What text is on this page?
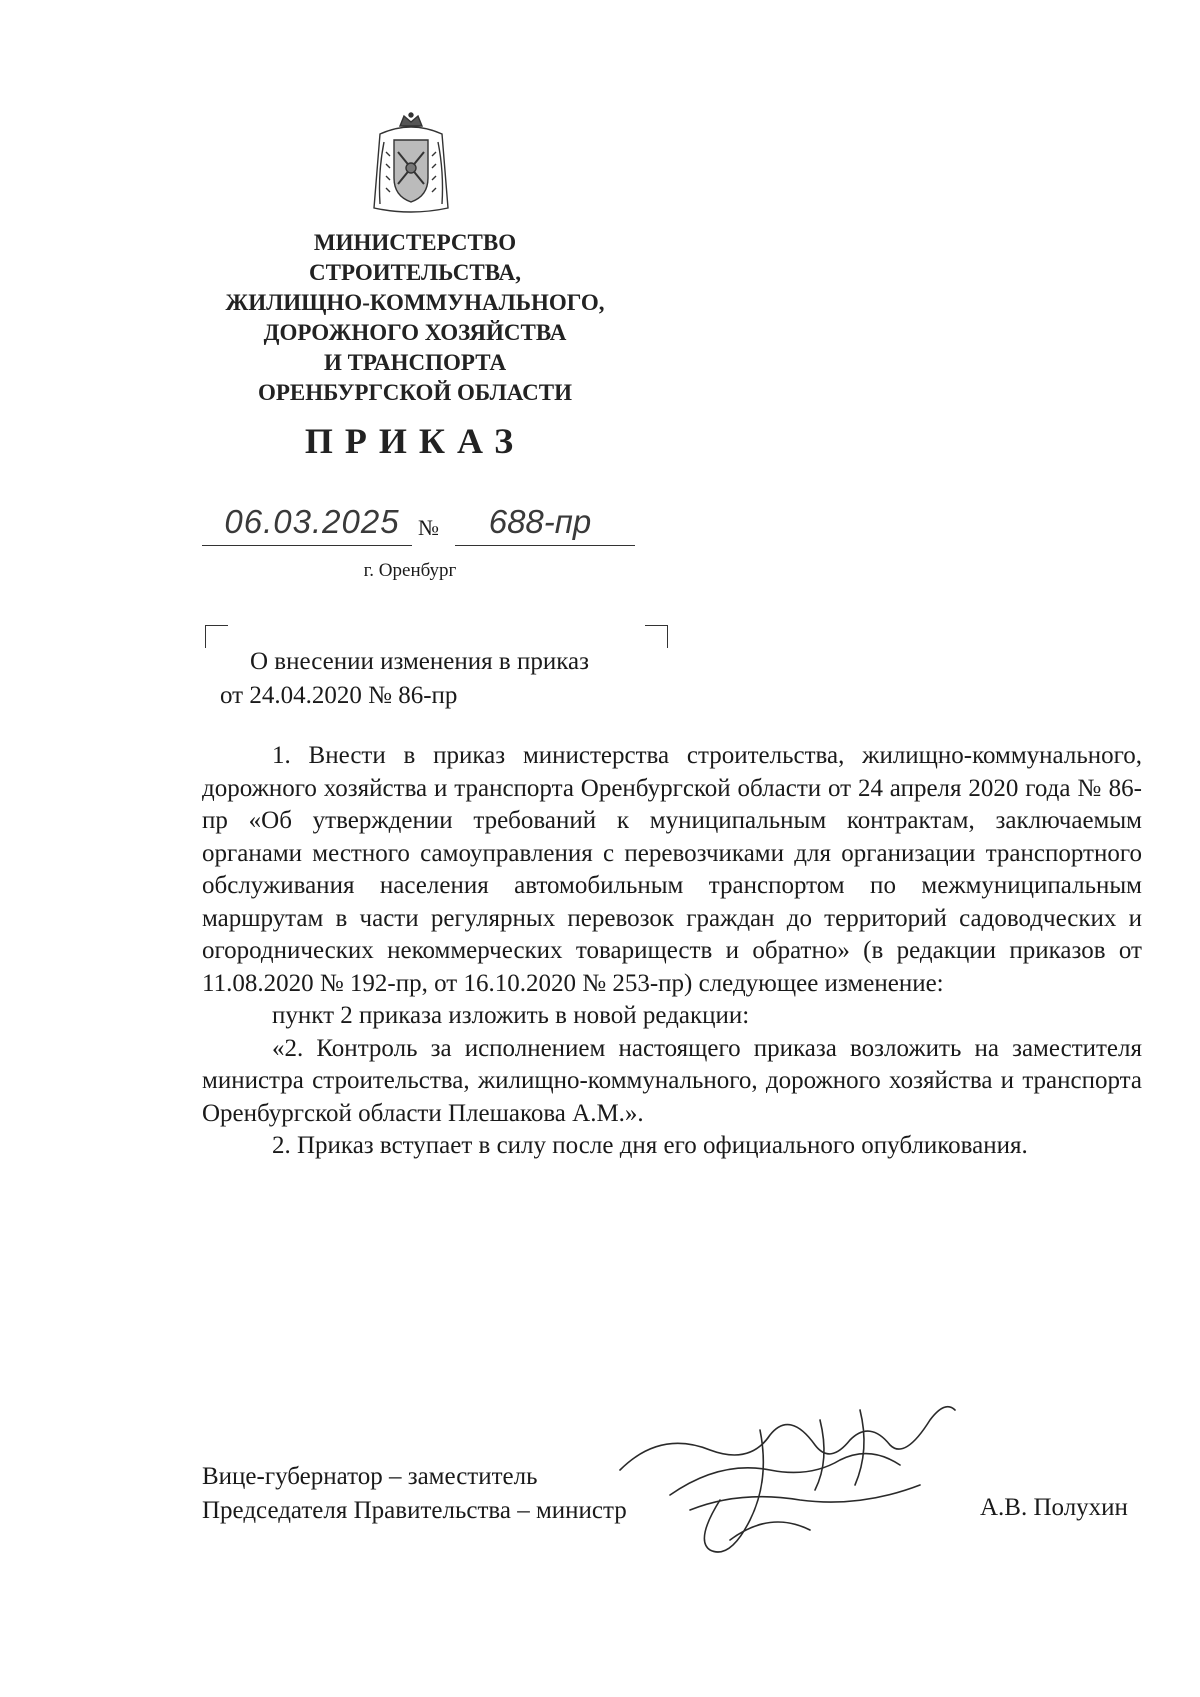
МИНИСТЕРСТВО
СТРОИТЕЛЬСТВА,
ЖИЛИЩНО-КОММУНАЛЬНОГО,
ДОРОЖНОГО ХОЗЯЙСТВА
И ТРАНСПОРТА
ОРЕНБУРГСКОЙ ОБЛАСТИ
ПРИКАЗ
06.03.2025 №	688-пр
г. Оренбург
О внесении изменения в приказ
от 24.04.2020 № 86-пр

1. Внести в приказ министерства строительства, жилищно-коммунального, дорожного хозяйства и транспорта Оренбургской области от 24 апреля 2020 года № 86-пр «Об утверждении требований к муниципальным контрактам, заключаемым органами местного самоуправления с перевозчиками для организации транспортного обслуживания населения автомобильным транспортом по межмуниципальным маршрутам в части регулярных перевозок граждан до территорий садоводческих и огороднических некоммерческих товариществ и обратно» (в редакции приказов от 11.08.2020 № 192-пр, от 16.10.2020 № 253-пр) следующее изменение:

пункт 2 приказа изложить в новой редакции:

«2. Контроль за исполнением настоящего приказа возложить на заместителя министра строительства, жилищно-коммунального, дорожного хозяйства и транспорта Оренбургской области Плешакова А.М.».

2. Приказ вступает в силу после дня его официального опубликования.

Вице-губернатор – заместитель
Председателя Правительства – министр	А.В. Полухин
